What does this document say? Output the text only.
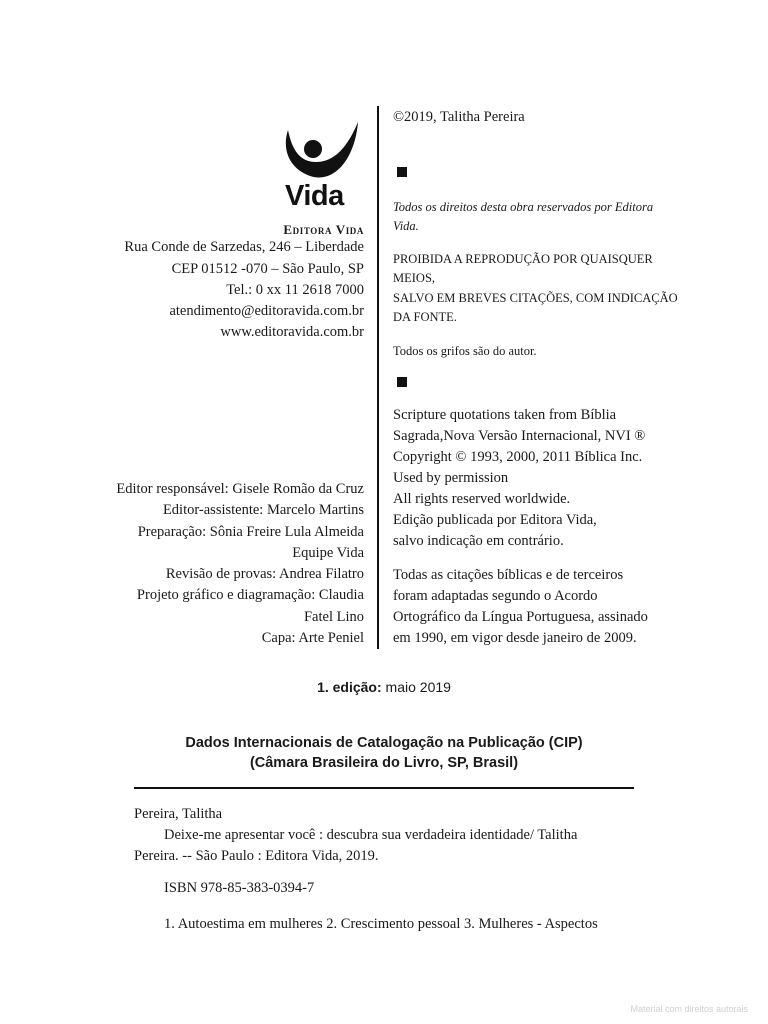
Vida
Editora Vida
Rua Conde de Sarzedas, 246 – Liberdade
CEP 01512 -070 – São Paulo, SP
Tel.: 0 xx 11 2618 7000
atendimento@editoravida.com.br
www.editoravida.com.br
©2019, Talitha Pereira
Todos os direitos desta obra reservados por Editora Vida.
PROIBIDA A REPRODUÇÃO POR QUAISQUER
MEIOS,
SALVO EM BREVES CITAÇÕES, COM INDICAÇÃO
DA FONTE.
Todos os grifos são do autor.
Scripture quotations taken from Bíblia
Sagrada,Nova Versão Internacional, NVI ®
Copyright © 1993, 2000, 2011 Bíblica Inc.
Used by permission
All rights reserved worldwide.
Edição publicada por Editora Vida,
salvo indicação em contrário.
Todas as citações bíblicas e de terceiros
foram adaptadas segundo o Acordo
Ortográfico da Língua Portuguesa, assinado
em 1990, em vigor desde janeiro de 2009.
Editor responsável: Gisele Romão da Cruz
Editor-assistente: Marcelo Martins
Preparação: Sônia Freire Lula Almeida
Equipe Vida
Revisão de provas: Andrea Filatro
Projeto gráfico e diagramação: Claudia
Fatel Lino
Capa: Arte Peniel
1. edição: maio 2019
Dados Internacionais de Catalogação na Publicação (CIP)
(Câmara Brasileira do Livro, SP, Brasil)
Pereira, Talitha
Deixe-me apresentar você : descubra sua verdadeira identidade/ Talitha
Pereira. -- São Paulo : Editora Vida, 2019.
ISBN 978-85-383-0394-7
1. Autoestima em mulheres 2. Crescimento pessoal 3. Mulheres - Aspectos
Material com direitos autorais
